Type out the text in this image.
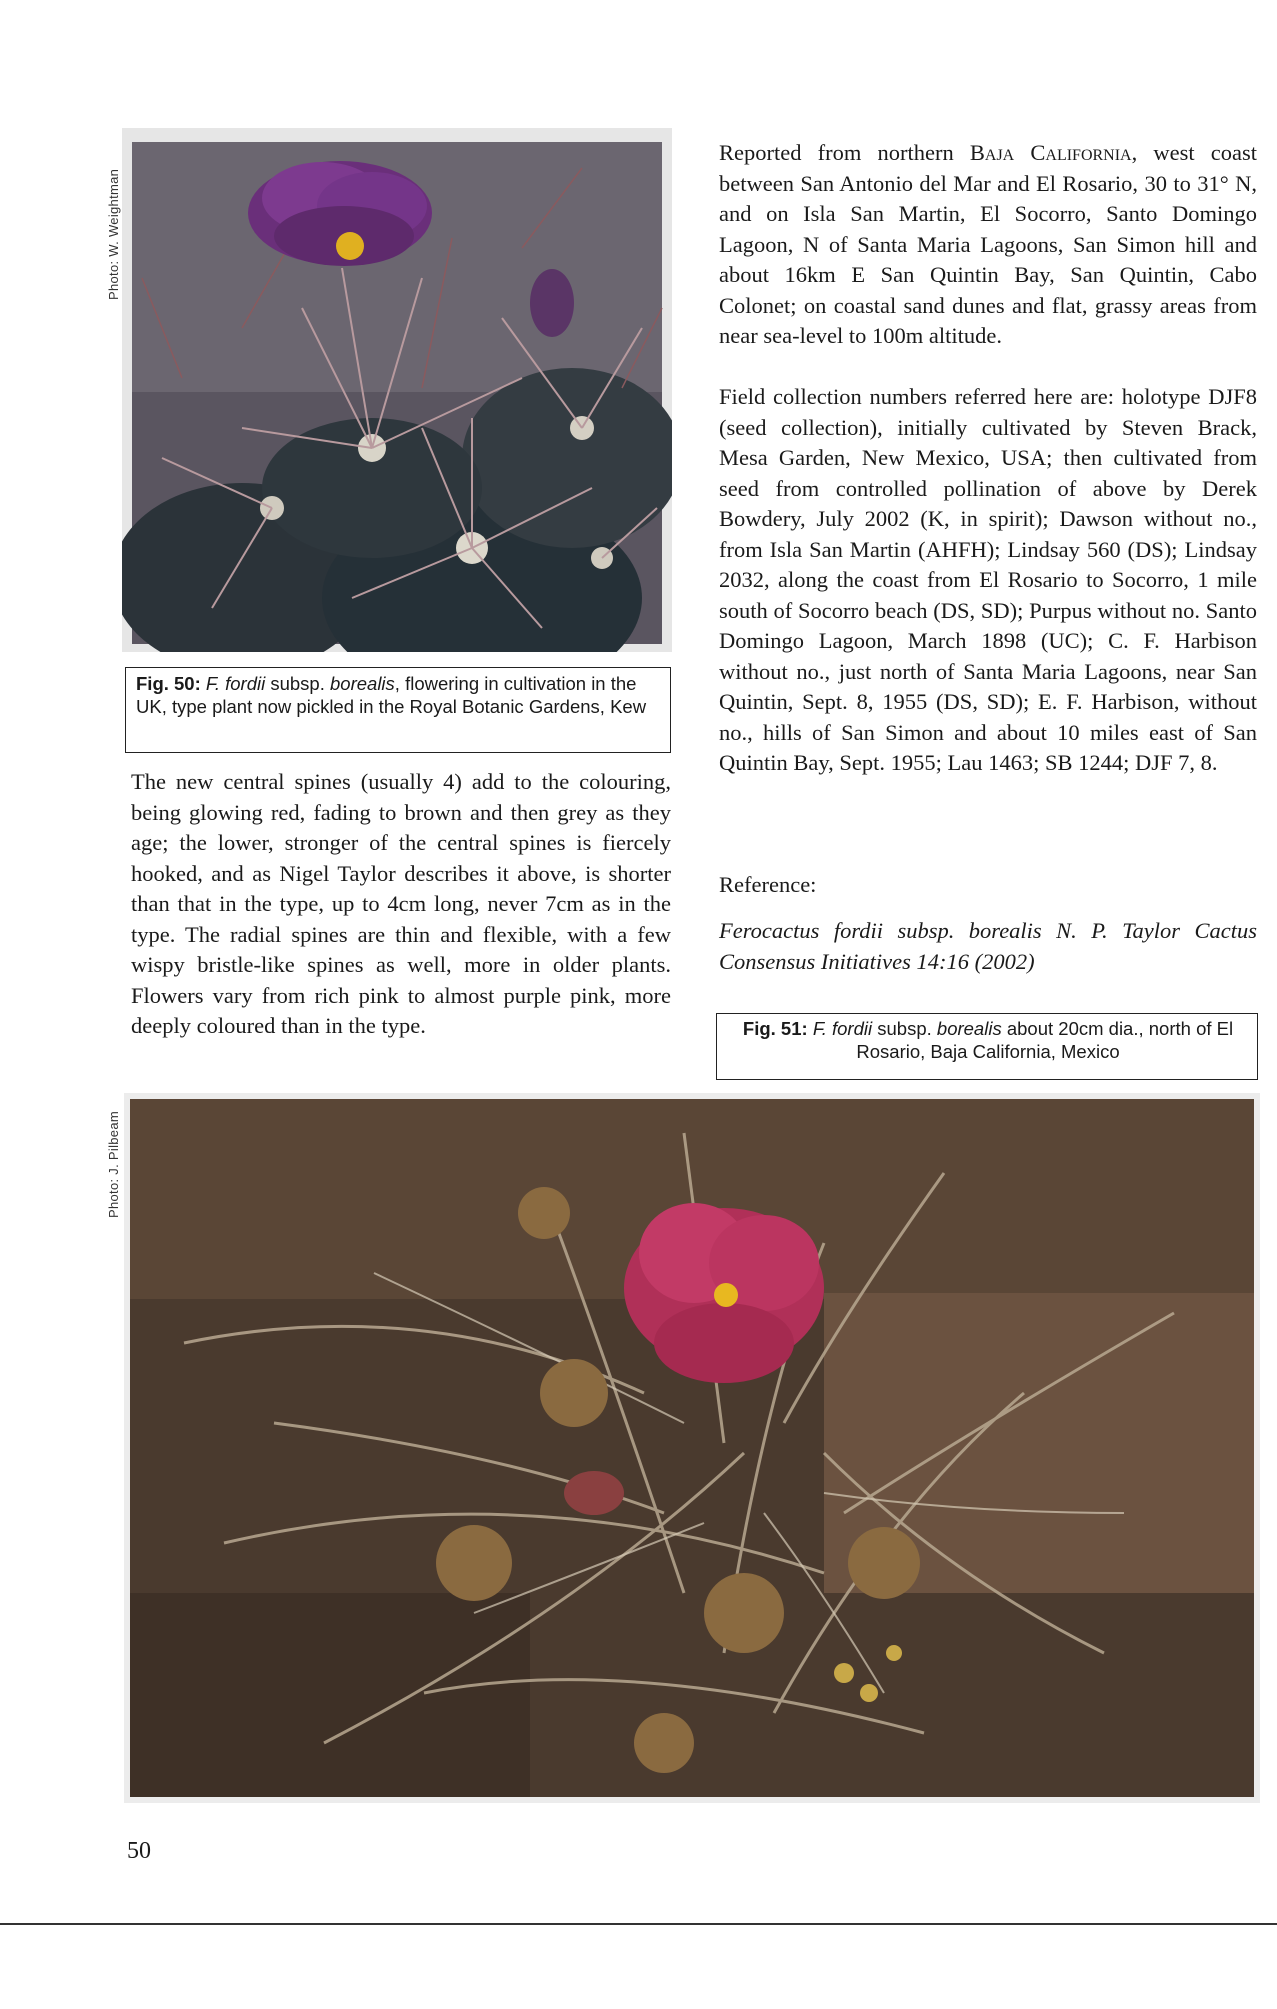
Photo: W. Weightman

Fig. 50: F. fordii subsp. borealis, flowering in cultivation in the UK, type plant now pickled in the Royal Botanic Gardens, Kew

The new central spines (usually 4) add to the colouring, being glowing red, fading to brown and then grey as they age; the lower, stronger of the central spines is fiercely hooked, and as Nigel Taylor describes it above, is shorter than that in the type, up to 4cm long, never 7cm as in the type. The radial spines are thin and flexible, with a few wispy bristle-like spines as well, more in older plants. Flowers vary from rich pink to almost purple pink, more deeply coloured than in the type.

Reported from northern Baja California, west coast between San Antonio del Mar and El Rosario, 30 to 31° N, and on Isla San Martin, El Socorro, Santo Domingo Lagoon, N of Santa Maria Lagoons, San Simon hill and about 16km E San Quintin Bay, San Quintin, Cabo Colonet; on coastal sand dunes and flat, grassy areas from near sea-level to 100m altitude.

Field collection numbers referred here are: holotype DJF8 (seed collection), initially cultivated by Steven Brack, Mesa Garden, New Mexico, USA; then cultivated from seed from controlled pollination of above by Derek Bowdery, July 2002 (K, in spirit); Dawson without no., from Isla San Martin (AHFH); Lindsay 560 (DS); Lindsay 2032, along the coast from El Rosario to Socorro, 1 mile south of Socorro beach (DS, SD); Purpus without no. Santo Domingo Lagoon, March 1898 (UC); C. F. Harbison without no., just north of Santa Maria Lagoons, near San Quintin, Sept. 8, 1955 (DS, SD); E. F. Harbison, without no., hills of San Simon and about 10 miles east of San Quintin Bay, Sept. 1955; Lau 1463; SB 1244; DJF 7, 8.

Reference:

Ferocactus fordii subsp. borealis N. P. Taylor Cactus Consensus Initiatives 14:16 (2002)

Fig. 51: F. fordii subsp. borealis about 20cm dia., north of El Rosario, Baja California, Mexico

Photo: J. Pilbeam
50
